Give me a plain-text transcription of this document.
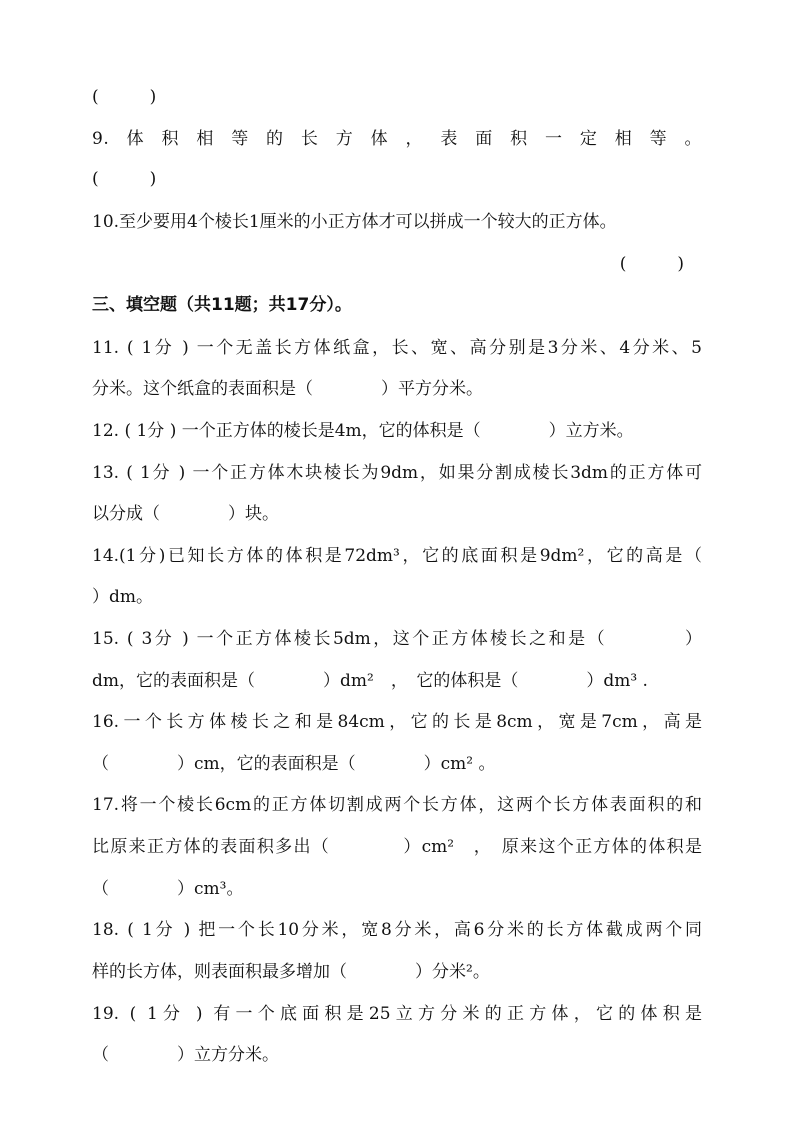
(　　　)
9.体积相等的长方体，表面积一定相等。
(　　　)
10.至少要用4个棱长1厘米的小正方体才可以拼成一个较大的正方体。
(　　　)
三、填空题（共11题；共17分）。
11. ( 1分 ) 一个无盖长方体纸盒，长、宽、高分别是3分米、4分米、5
分米。这个纸盒的表面积是（　　　　）平方分米。
12. ( 1分 ) 一个正方体的棱长是4m，它的体积是（　　　　）立方米。
13. ( 1分 ) 一个正方体木块棱长为9dm，如果分割成棱长3dm的正方体可
以分成（　　　　）块。
14.(1分)已知长方体的体积是72dm³，它的底面积是9dm²，它的高是（
）dm。
15. ( 3分 ) 一个正方体棱长5dm，这个正方体棱长之和是（　　　　）
dm，它的表面积是（　　　　）dm²　，　它的体积是（　　　　）dm³ .
16.一个长方体棱长之和是84cm，它的长是8cm，宽是7cm，高是
（　　　　）cm，它的表面积是（　　　　）cm² 。
17.将一个棱长6cm的正方体切割成两个长方体，这两个长方体表面积的和
比原来正方体的表面积多出（　　　　）cm²　，　原来这个正方体的体积是
（　　　　）cm³。
18. ( 1分 ) 把一个长10分米，宽8分米，高6分米的长方体截成两个同
样的长方体，则表面积最多增加（　　　　）分米²。
19. ( 1分 ) 有一个底面积是25立方分米的正方体，它的体积是
（　　　　）立方分米。
